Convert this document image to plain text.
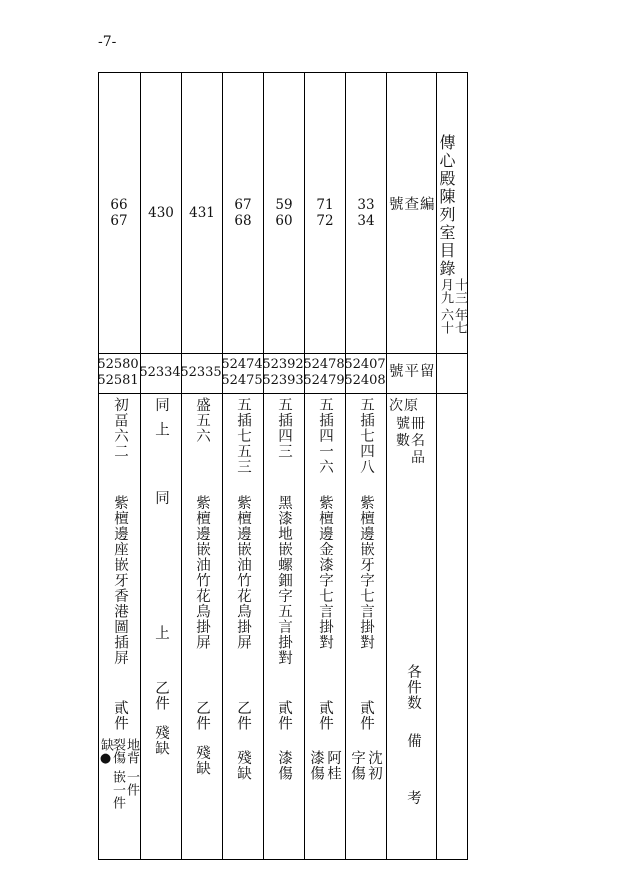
-7-
傳心殿陳列室目錄
十三
年七
月九
六十
號查編
號平留
次原
號冊
數名
品
各件数
備
考
33
34
52407
52408
五插七四八
紫檀邊嵌牙字七言掛對
貳件
沈初
字傷
71
72
52478
52479
五插四一六
紫檀邊金漆字七言掛對
貳件
阿桂
漆傷
59
60
52392
52393
五插四三
黑漆地嵌螺鈿字五言掛對
貳件
漆傷
67
68
52474
52475
五插七五三
紫檀邊嵌油竹花鳥掛屏
乙件
殘缺
431
52335
盛五六
紫檀邊嵌油竹花鳥掛屏
乙件
殘缺
430
52334
同上
同
上
乙件
殘缺
66
67
52580
52581
初畐六二
紫檀邊座嵌牙香港圖插屏
貳件
地背
裂傷
一件
嵌一件
缺●
